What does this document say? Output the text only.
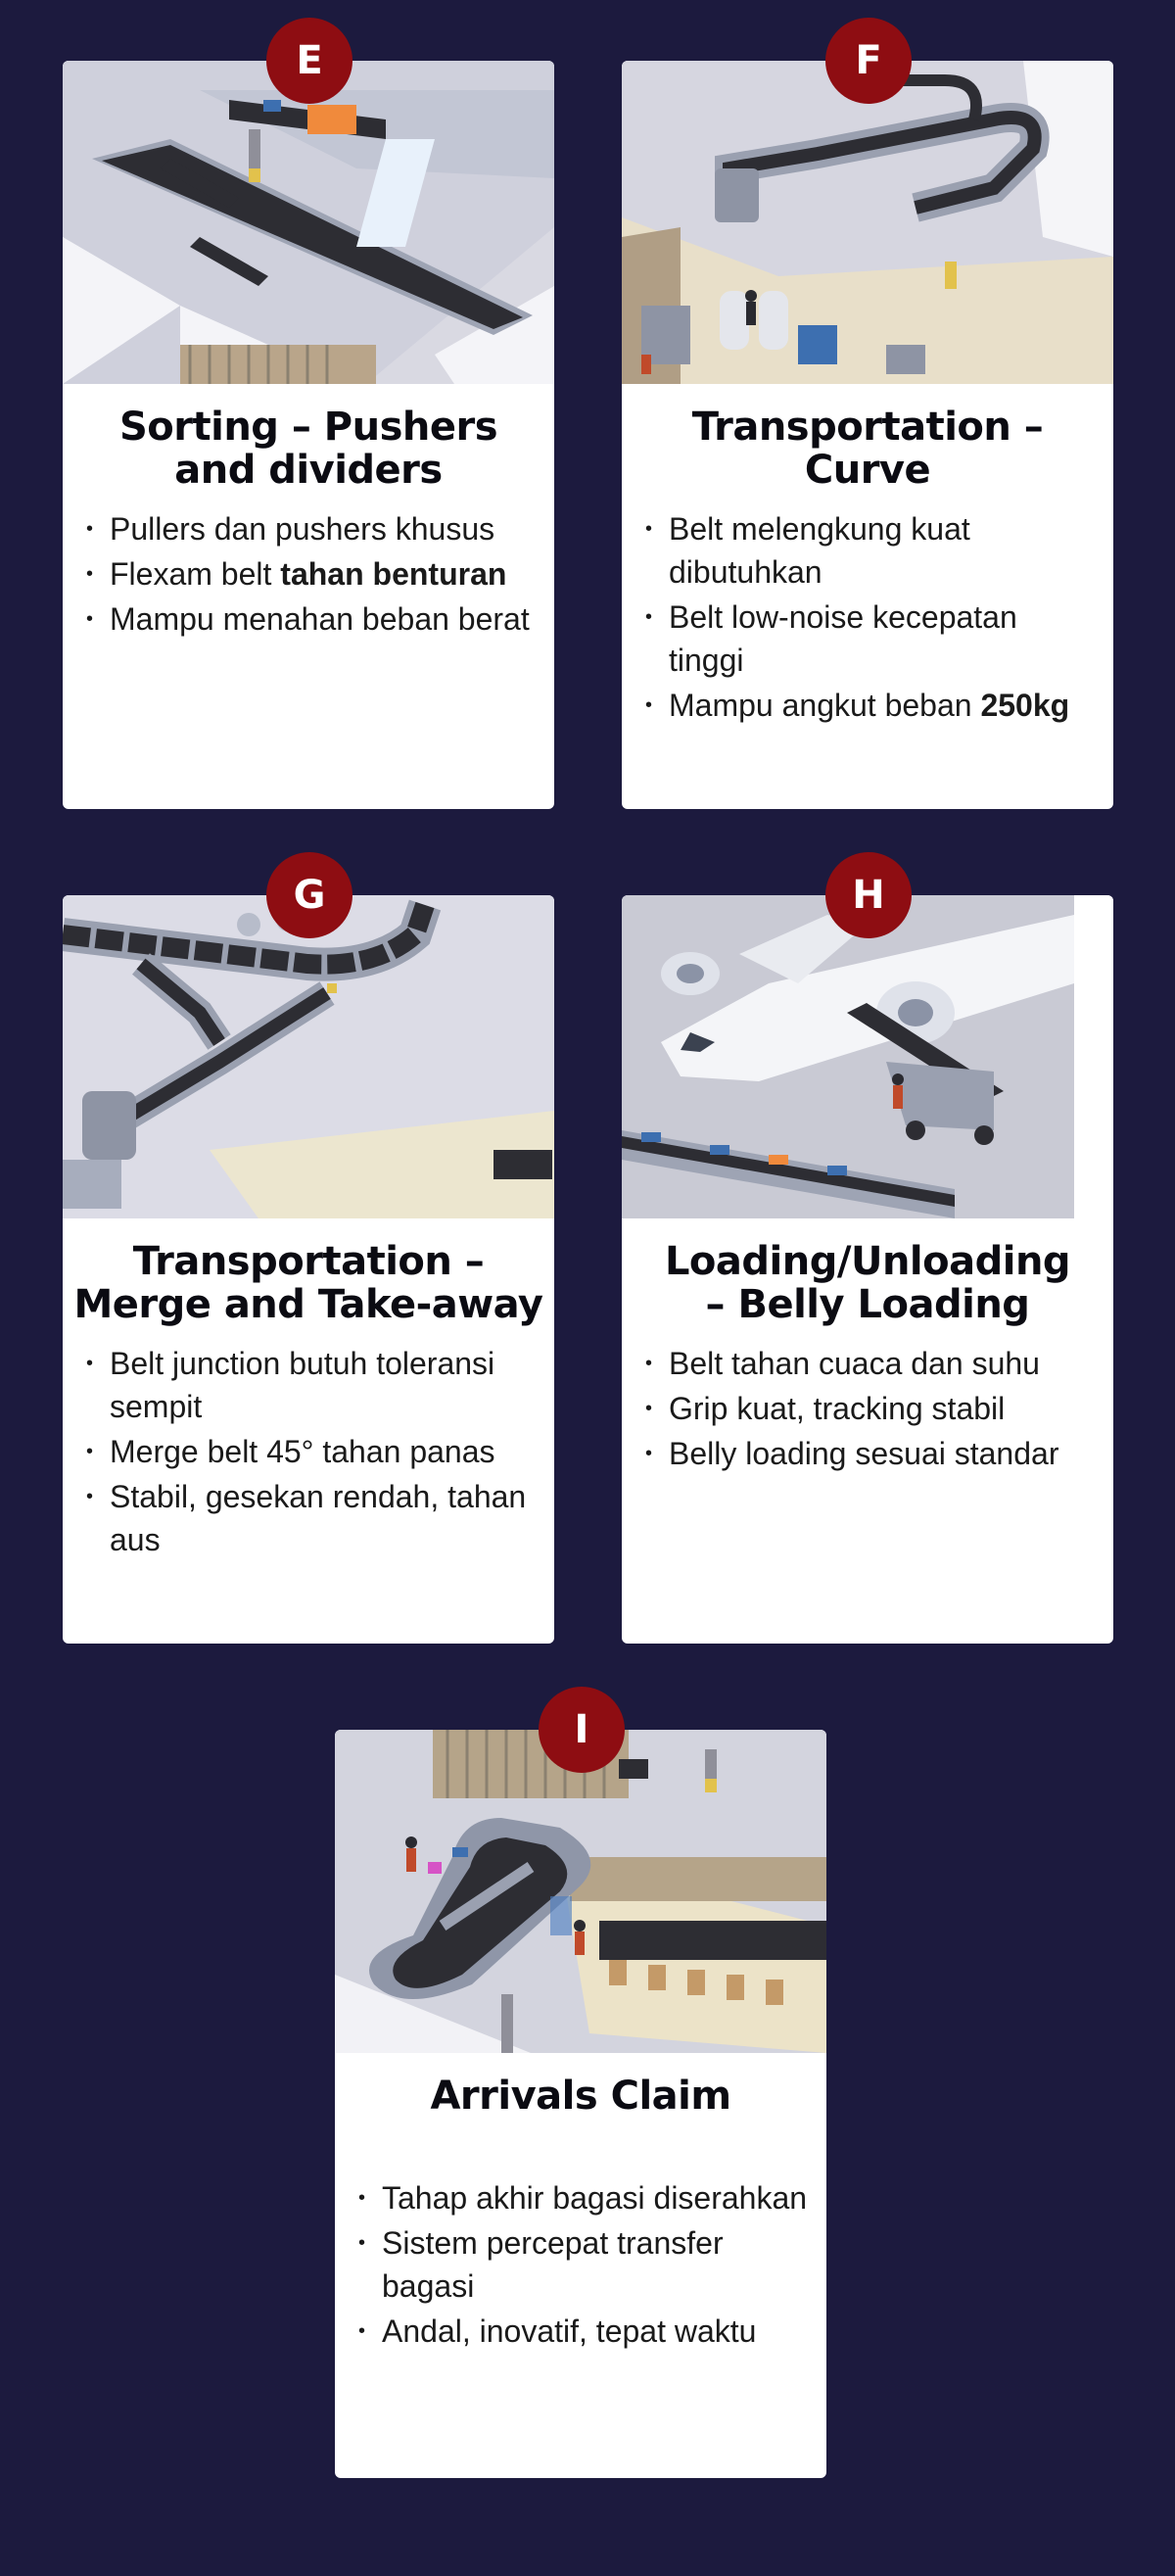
E
Sorting – Pushers
and dividers
• Pullers dan pushers khusus
• Flexam belt tahan benturan
• Mampu menahan beban berat
F
Transportation –
Curve
• Belt melengkung kuat dibutuhkan
• Belt low-noise kecepatan tinggi
• Mampu angkut beban 250kg
G
Transportation –
Merge and Take-away
• Belt junction butuh toleransi sempit
• Merge belt 45° tahan panas
• Stabil, gesekan rendah, tahan aus
H
Loading/Unloading
– Belly Loading
• Belt tahan cuaca dan suhu
• Grip kuat, tracking stabil
• Belly loading sesuai standar
I
Arrivals Claim
• Tahap akhir bagasi diserahkan
• Sistem percepat transfer bagasi
• Andal, inovatif, tepat waktu
